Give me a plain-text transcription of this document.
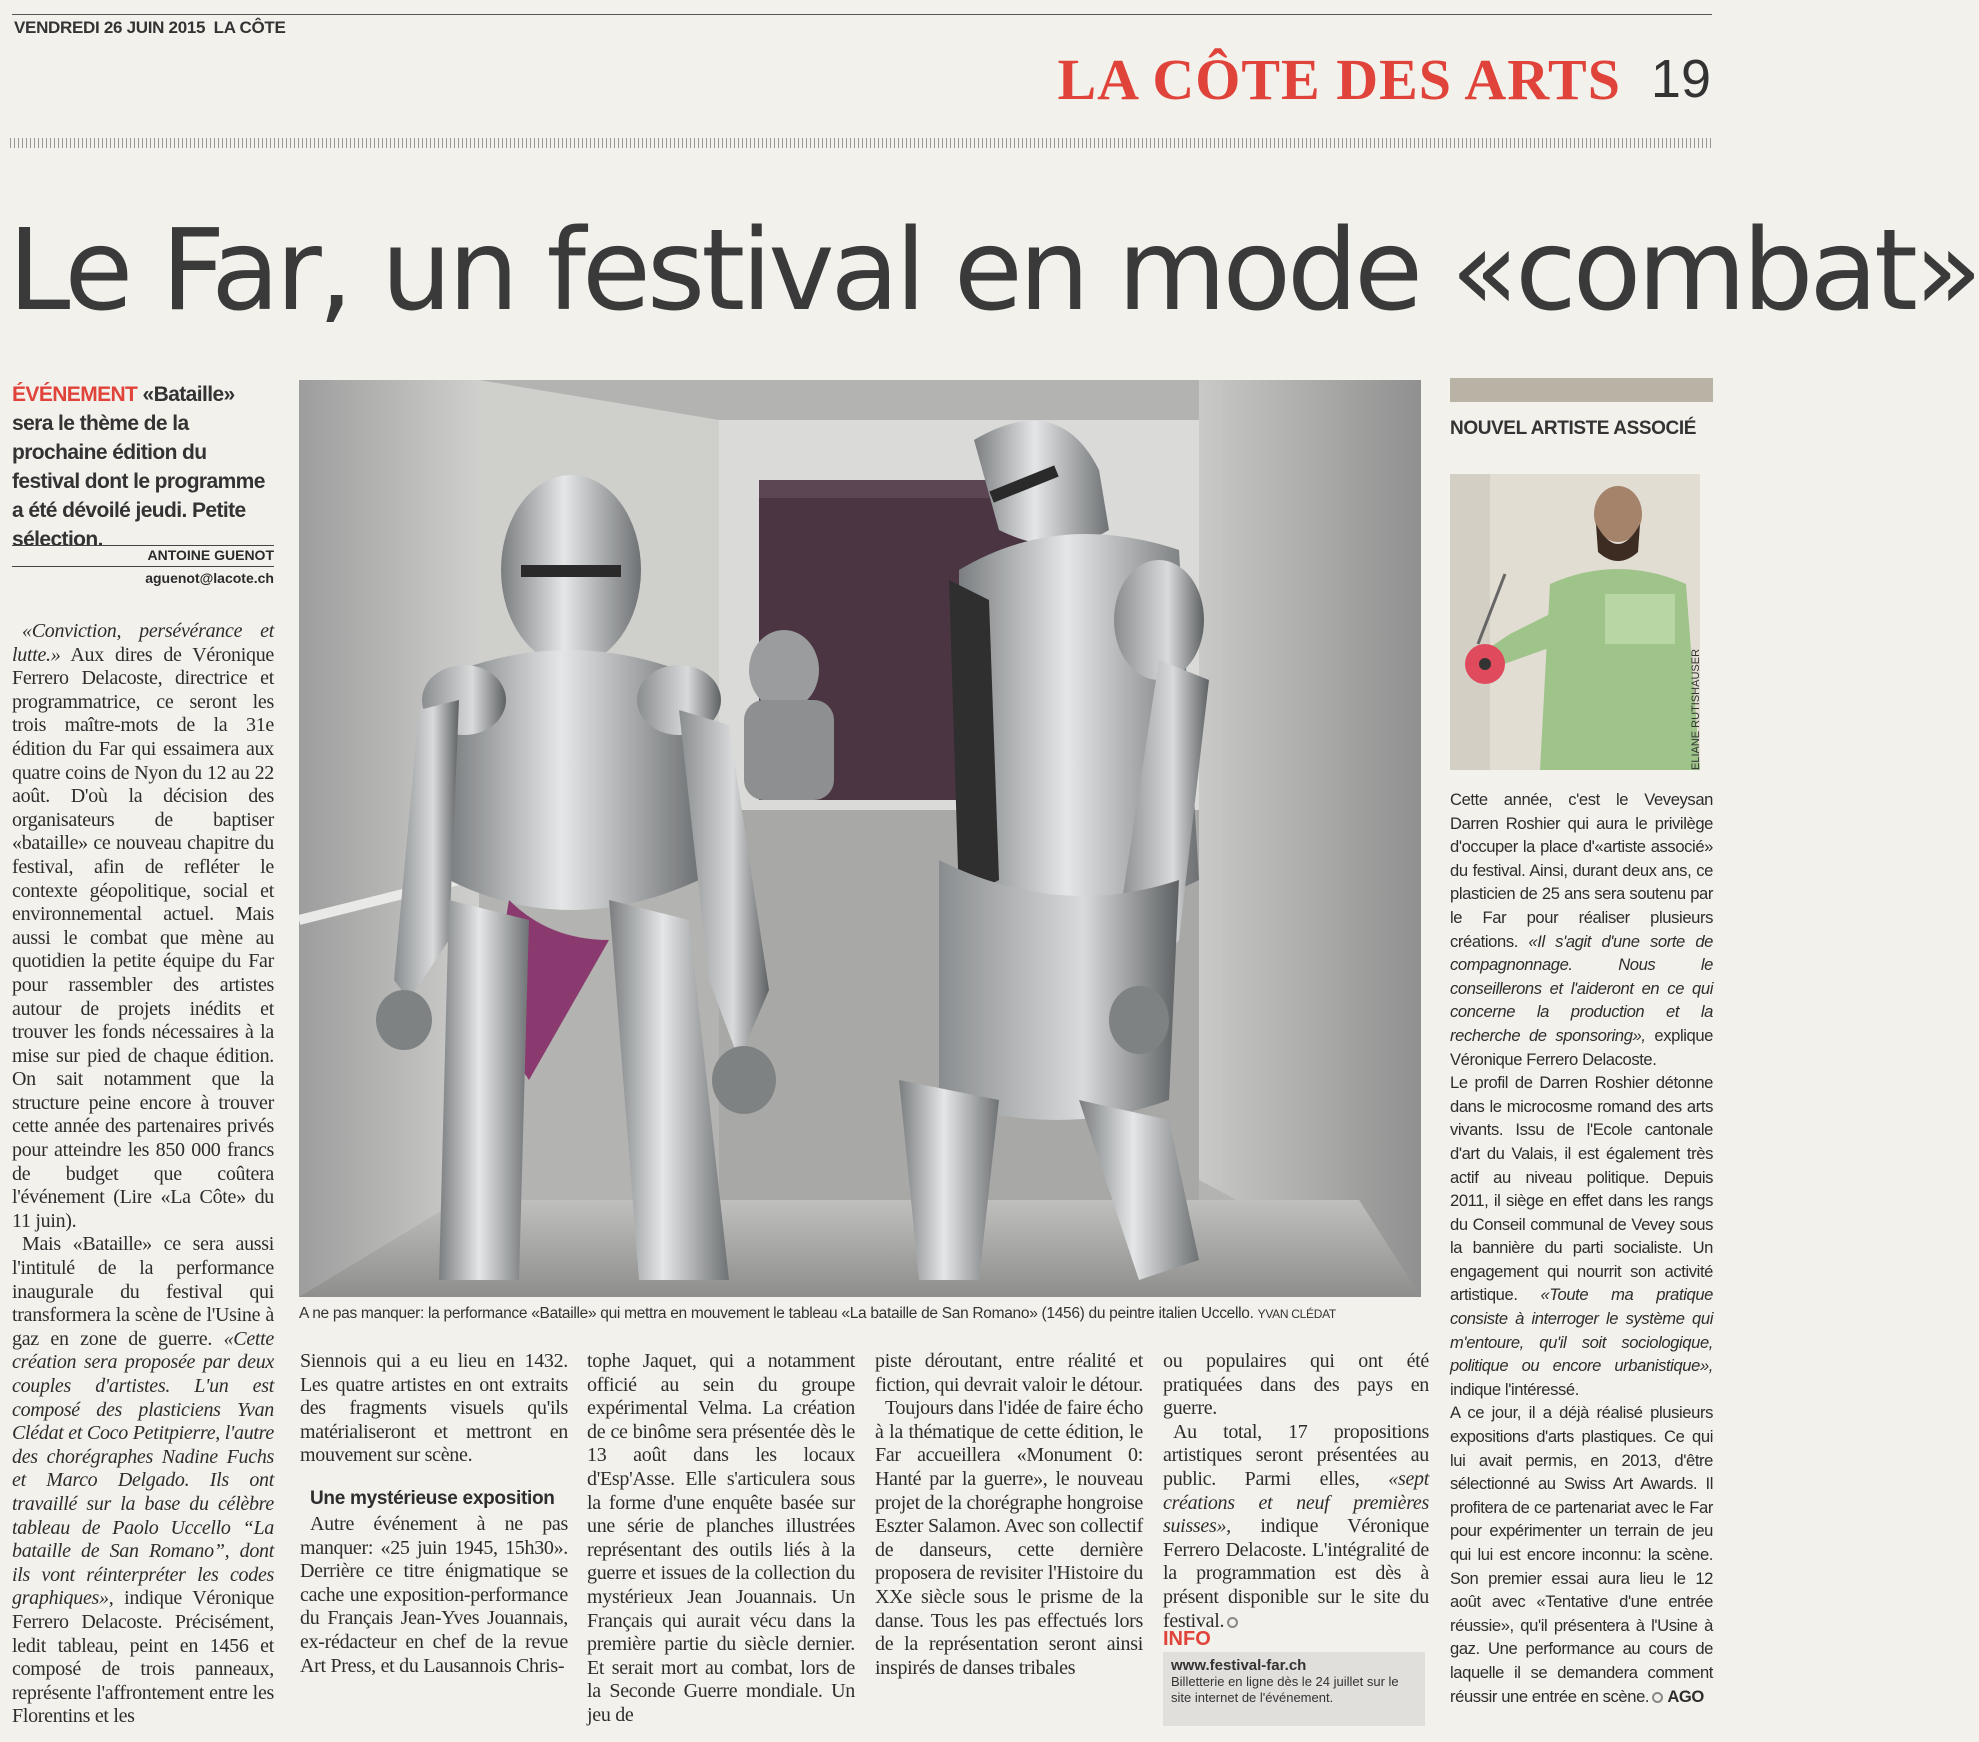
VENDREDI 26 JUIN 2015 LA CÔTE
LA CÔTE DES ARTS 19
Le Far, un festival en mode «combat»
ÉVÉNEMENT «Bataille» sera le thème de la prochaine édition du festival dont le programme a été dévoilé jeudi. Petite sélection.
ANTOINE GUENOT
aguenot@lacote.ch

«Conviction, persévérance et lutte.» Aux dires de Véronique Ferrero Delacoste, directrice et programmatrice, ce seront les trois maître-mots de la 31e édition du Far qui essaimera aux quatre coins de Nyon du 12 au 22 août. D'où la décision des organisateurs de baptiser «bataille» ce nouveau chapitre du festival, afin de refléter le contexte géopolitique, social et environnemental actuel. Mais aussi le combat que mène au quotidien la petite équipe du Far pour rassembler des artistes autour de projets inédits et trouver les fonds nécessaires à la mise sur pied de chaque édition. On sait notamment que la structure peine encore à trouver cette année des partenaires privés pour atteindre les 850 000 francs de budget que coûtera l'événement (Lire «La Côte» du 11 juin).

Mais «Bataille» ce sera aussi l'intitulé de la performance inaugurale du festival qui transformera la scène de l'Usine à gaz en zone de guerre. «Cette création sera proposée par deux couples d'artistes. L'un est composé des plasticiens Yvan Clédat et Coco Petitpierre, l'autre des chorégraphes Nadine Fuchs et Marco Delgado. Ils ont travaillé sur la base du célèbre tableau de Paolo Uccello “La bataille de San Romano”, dont ils vont réinterpréter les codes graphiques», indique Véronique Ferrero Delacoste. Précisément, ledit tableau, peint en 1456 et composé de trois panneaux, représente l'affrontement entre les Florentins et les

A ne pas manquer: la performance «Bataille» qui mettra en mouvement le tableau «La bataille de San Romano» (1456) du peintre italien Uccello. YVAN CLÉDAT

Siennois qui a eu lieu en 1432. Les quatre artistes en ont extraits des fragments visuels qu'ils matérialiseront et mettront en mouvement sur scène.

Une mystérieuse exposition

Autre événement à ne pas manquer: «25 juin 1945, 15h30». Derrière ce titre énigmatique se cache une exposition-performance du Français Jean-Yves Jouannais, ex-rédacteur en chef de la revue Art Press, et du Lausannois Chris-

tophe Jaquet, qui a notamment officié au sein du groupe expérimental Velma. La création de ce binôme sera présentée dès le 13 août dans les locaux d'Esp'Asse. Elle s'articulera sous la forme d'une enquête basée sur une série de planches illustrées représentant des outils liés à la guerre et issues de la collection du mystérieux Jean Jouannais. Un Français qui aurait vécu dans la première partie du siècle dernier. Et serait mort au combat, lors de la Seconde Guerre mondiale. Un jeu de

piste déroutant, entre réalité et fiction, qui devrait valoir le détour.

Toujours dans l'idée de faire écho à la thématique de cette édition, le Far accueillera «Monument 0: Hanté par la guerre», le nouveau projet de la chorégraphe hongroise Eszter Salamon. Avec son collectif de danseurs, cette dernière proposera de revisiter l'Histoire du XXe siècle sous le prisme de la danse. Tous les pas effectués lors de la représentation seront ainsi inspirés de danses tribales

ou populaires qui ont été pratiquées dans des pays en guerre.

Au total, 17 propositions artistiques seront présentées au public. Parmi elles, «sept créations et neuf premières suisses», indique Véronique Ferrero Delacoste. L'intégralité de la programmation est dès à présent disponible sur le site du festival.

INFO
www.festival-far.ch
Billetterie en ligne dès le 24 juillet sur le site internet de l'événement.
NOUVEL ARTISTE ASSOCIÉ
ELIANE RUTISHAUSER

Cette année, c'est le Veveysan Darren Roshier qui aura le privilège d'occuper la place d'«artiste associé» du festival. Ainsi, durant deux ans, ce plasticien de 25 ans sera soutenu par le Far pour réaliser plusieurs créations. «Il s'agit d'une sorte de compagnonnage. Nous le conseillerons et l'aideront en ce qui concerne la production et la recherche de sponsoring», explique Véronique Ferrero Delacoste.

Le profil de Darren Roshier détonne dans le microcosme romand des arts vivants. Issu de l'Ecole cantonale d'art du Valais, il est également très actif au niveau politique. Depuis 2011, il siège en effet dans les rangs du Conseil communal de Vevey sous la bannière du parti socialiste. Un engagement qui nourrit son activité artistique. «Toute ma pratique consiste à interroger le système qui m'entoure, qu'il soit sociologique, politique ou encore urbanistique», indique l'intéressé.

A ce jour, il a déjà réalisé plusieurs expositions d'arts plastiques. Ce qui lui avait permis, en 2013, d'être sélectionné au Swiss Art Awards. Il profitera de ce partenariat avec le Far pour expérimenter un terrain de jeu qui lui est encore inconnu: la scène. Son premier essai aura lieu le 12 août avec «Tentative d'une entrée réussie», qu'il présentera à l'Usine à gaz. Une performance au cours de laquelle il se demandera comment réussir une entrée en scène. AGO
